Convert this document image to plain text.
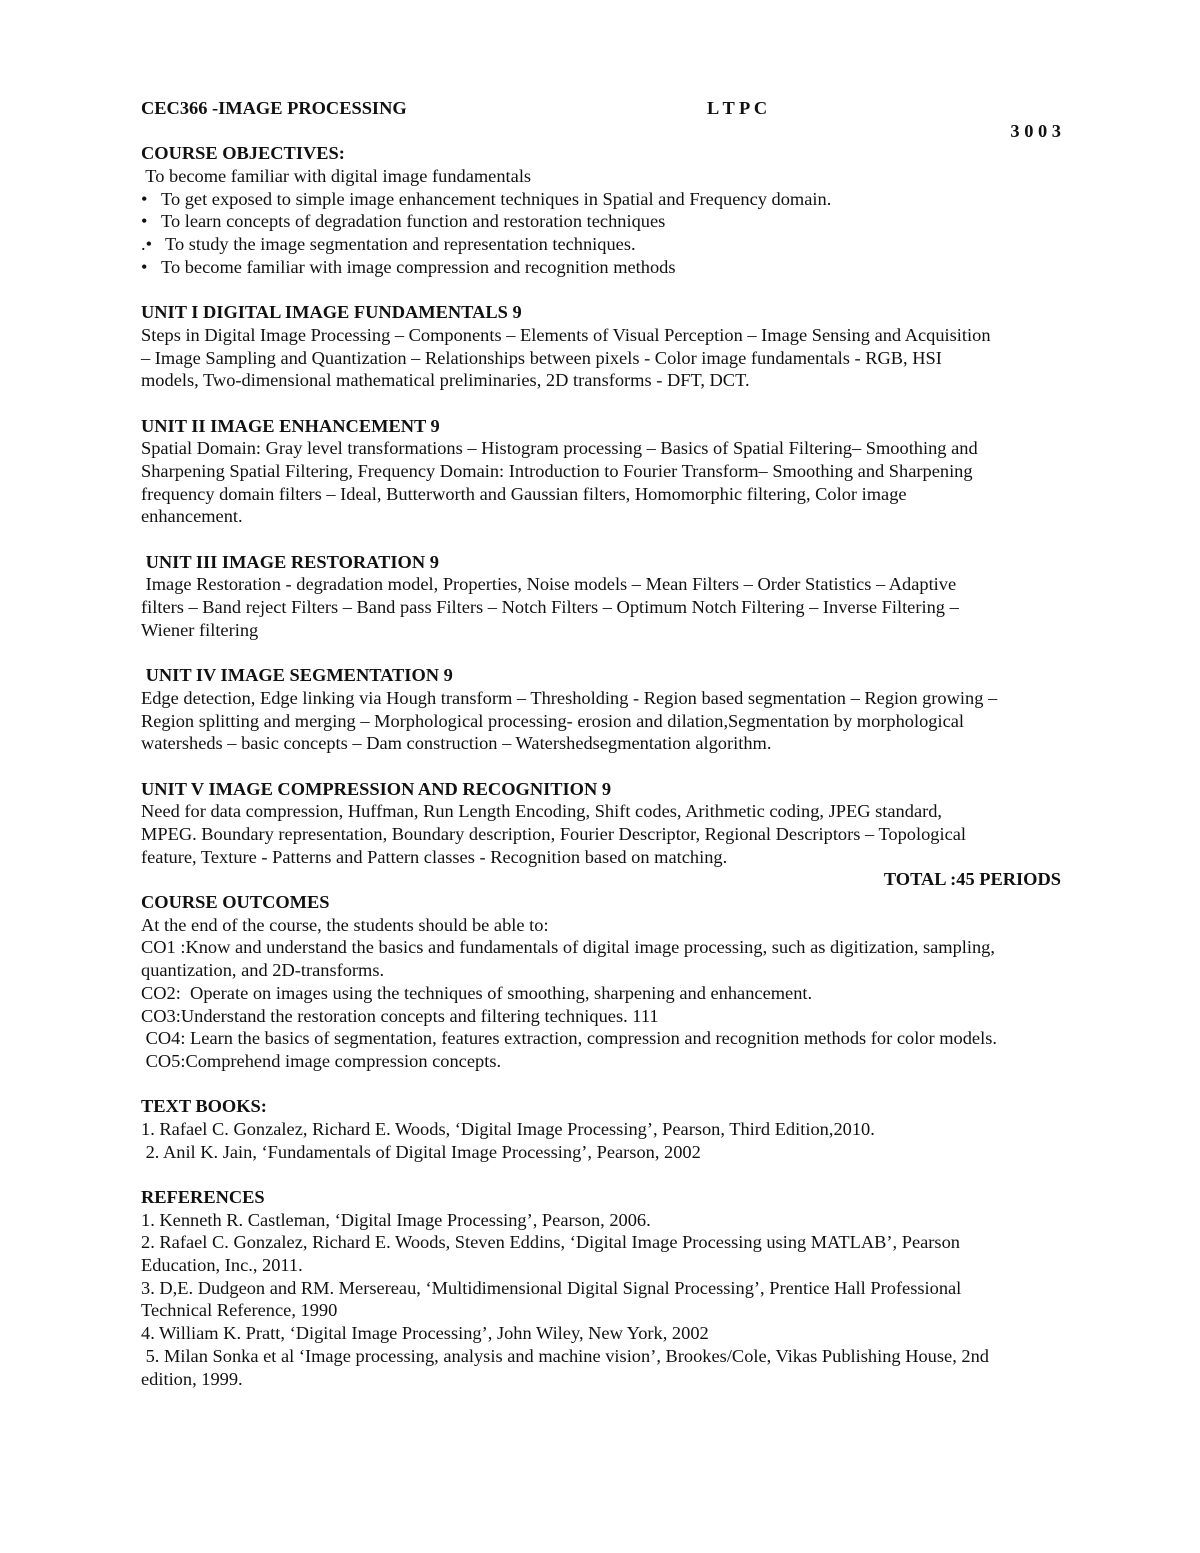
CEC366 -IMAGE PROCESSING	L T P C
3 0 0 3
COURSE OBJECTIVES:
To become familiar with digital image fundamentals
• To get exposed to simple image enhancement techniques in Spatial and Frequency domain.
• To learn concepts of degradation function and restoration techniques
.• To study the image segmentation and representation techniques.
• To become familiar with image compression and recognition methods
UNIT I DIGITAL IMAGE FUNDAMENTALS 9
Steps in Digital Image Processing – Components – Elements of Visual Perception – Image Sensing and Acquisition
– Image Sampling and Quantization – Relationships between pixels - Color image fundamentals - RGB, HSI
models, Two-dimensional mathematical preliminaries, 2D transforms - DFT, DCT.
UNIT II IMAGE ENHANCEMENT 9
Spatial Domain: Gray level transformations – Histogram processing – Basics of Spatial Filtering– Smoothing and
Sharpening Spatial Filtering, Frequency Domain: Introduction to Fourier Transform– Smoothing and Sharpening
frequency domain filters – Ideal, Butterworth and Gaussian filters, Homomorphic filtering, Color image
enhancement.
UNIT III IMAGE RESTORATION 9
Image Restoration - degradation model, Properties, Noise models – Mean Filters – Order Statistics – Adaptive
filters – Band reject Filters – Band pass Filters – Notch Filters – Optimum Notch Filtering – Inverse Filtering –
Wiener filtering
UNIT IV IMAGE SEGMENTATION 9
Edge detection, Edge linking via Hough transform – Thresholding - Region based segmentation – Region growing –
Region splitting and merging – Morphological processing- erosion and dilation,Segmentation by morphological
watersheds – basic concepts – Dam construction – Watershedsegmentation algorithm.
UNIT V IMAGE COMPRESSION AND RECOGNITION 9
Need for data compression, Huffman, Run Length Encoding, Shift codes, Arithmetic coding, JPEG standard,
MPEG. Boundary representation, Boundary description, Fourier Descriptor, Regional Descriptors – Topological
feature, Texture - Patterns and Pattern classes - Recognition based on matching.
TOTAL :45 PERIODS
COURSE OUTCOMES
At the end of the course, the students should be able to:
CO1 :Know and understand the basics and fundamentals of digital image processing, such as digitization, sampling,
quantization, and 2D-transforms.
CO2:  Operate on images using the techniques of smoothing, sharpening and enhancement.
CO3:Understand the restoration concepts and filtering techniques. 111
CO4: Learn the basics of segmentation, features extraction, compression and recognition methods for color models.
CO5:Comprehend image compression concepts.
TEXT BOOKS:
1. Rafael C. Gonzalez, Richard E. Woods, ‘Digital Image Processing’, Pearson, Third Edition,2010.
2. Anil K. Jain, ‘Fundamentals of Digital Image Processing’, Pearson, 2002
REFERENCES
1. Kenneth R. Castleman, ‘Digital Image Processing’, Pearson, 2006.
2. Rafael C. Gonzalez, Richard E. Woods, Steven Eddins, ‘Digital Image Processing using MATLAB’, Pearson
Education, Inc., 2011.
3. D,E. Dudgeon and RM. Mersereau, ‘Multidimensional Digital Signal Processing’, Prentice Hall Professional
Technical Reference, 1990
4. William K. Pratt, ‘Digital Image Processing’, John Wiley, New York, 2002
5. Milan Sonka et al ‘Image processing, analysis and machine vision’, Brookes/Cole, Vikas Publishing House, 2nd
edition, 1999.
